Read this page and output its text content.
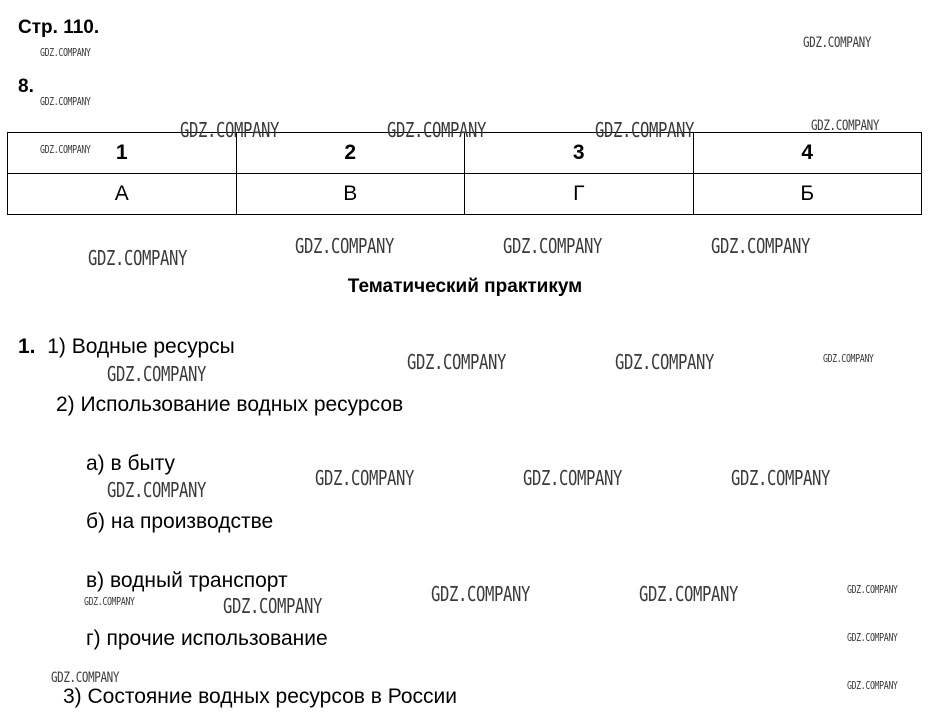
Стр. 110.
8.
1	2	3	4
А	В	Г	Б
Тематический практикум
1. 1) Водные ресурсы
2) Использование водных ресурсов
а) в быту
б) на производстве
в) водный транспорт
г) прочие использование
3) Состояние водных ресурсов в России
GDZ.COMPANY
GDZ.COMPANY
GDZ.COMPANY
GDZ.COMPANY
GDZ.COMPANY	GDZ.COMPANY	GDZ.COMPANY	GDZ.COMPANY
GDZ.COMPANY	GDZ.COMPANY	GDZ.COMPANY	GDZ.COMPANY
GDZ.COMPANY	GDZ.COMPANY	GDZ.COMPANY	GDZ.COMPANY
GDZ.COMPANY	GDZ.COMPANY	GDZ.COMPANY	GDZ.COMPANY
GDZ.COMPANY	GDZ.COMPANY	GDZ.COMPANY	GDZ.COMPANY	GDZ.COMPANY
GDZ.COMPANY
GDZ.COMPANY	GDZ.COMPANY
